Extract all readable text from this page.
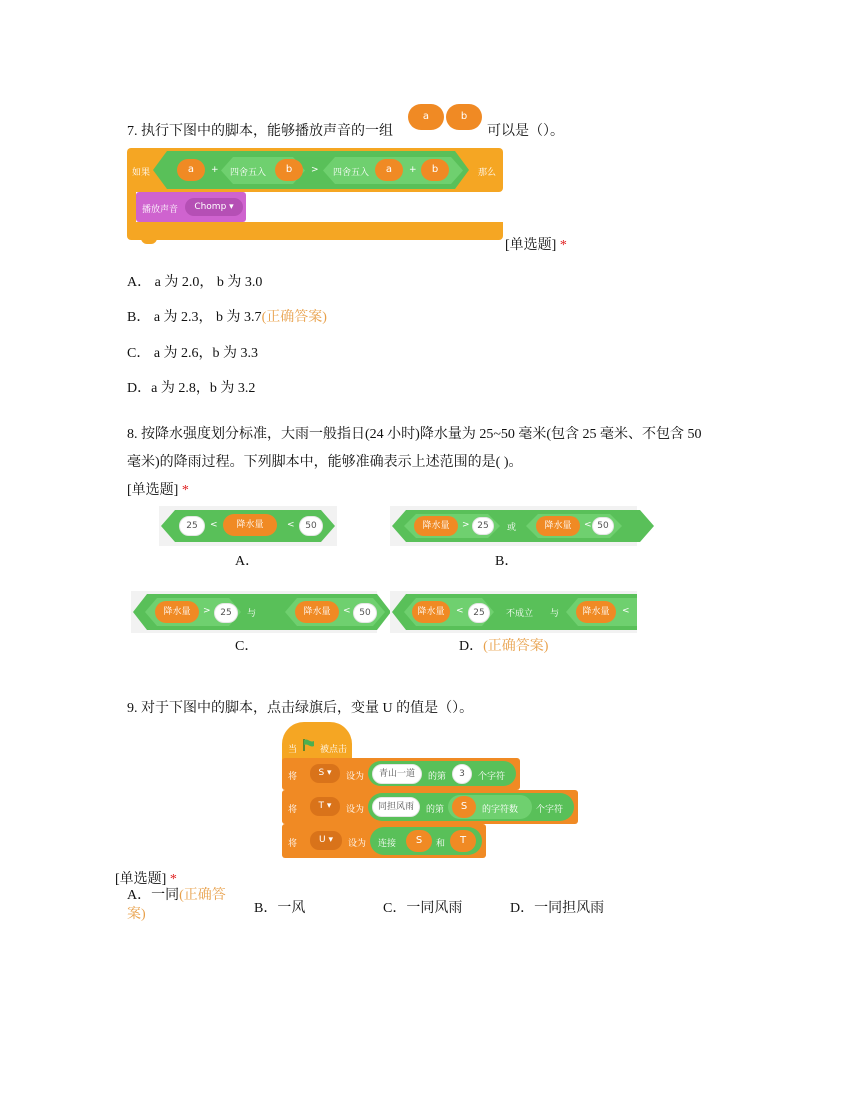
7. 执行下图中的脚本，能够播放声音的一组
a	b
可以是（）。
如果	那么
a	+ 四舍五入	b	> 四舍五入	a	+	b
播放声音	Chomp ▾
[单选题] *
A． a 为 2.0， b 为 3.0
B． a 为 2.3， b 为 3.7(正确答案)
C． a 为 2.6，b 为 3.3
D．a 为 2.8，b 为 3.2
8. 按降水强度划分标准，大雨一般指日(24 小时)降水量为 25~50 毫米(包含 25 毫米、不包含 50
毫米)的降雨过程。下列脚本中，能够准确表示上述范围的是( )。
[单选题] *
25	<	降水量	<	50
A．
降水量	> 25	或	降水量	< 50
B．
降水量	>	25	与	降水量	< 50
C．
降水量	<	25	不成立 与	降水量	<
D．(正确答案)
9. 对于下图中的脚本，点击绿旗后，变量 U 的值是（）。
当	被点击
将	S ▾	设为	青山一道	的第	3	个字符
将	T ▾	设为	同担风雨	的第	S	的字符数 个字符
将	U ▾	设为 连接	S	和	T
[单选题] *
A．一同(正确答
案)	B．一风	C．一同风雨	D．一同担风雨
